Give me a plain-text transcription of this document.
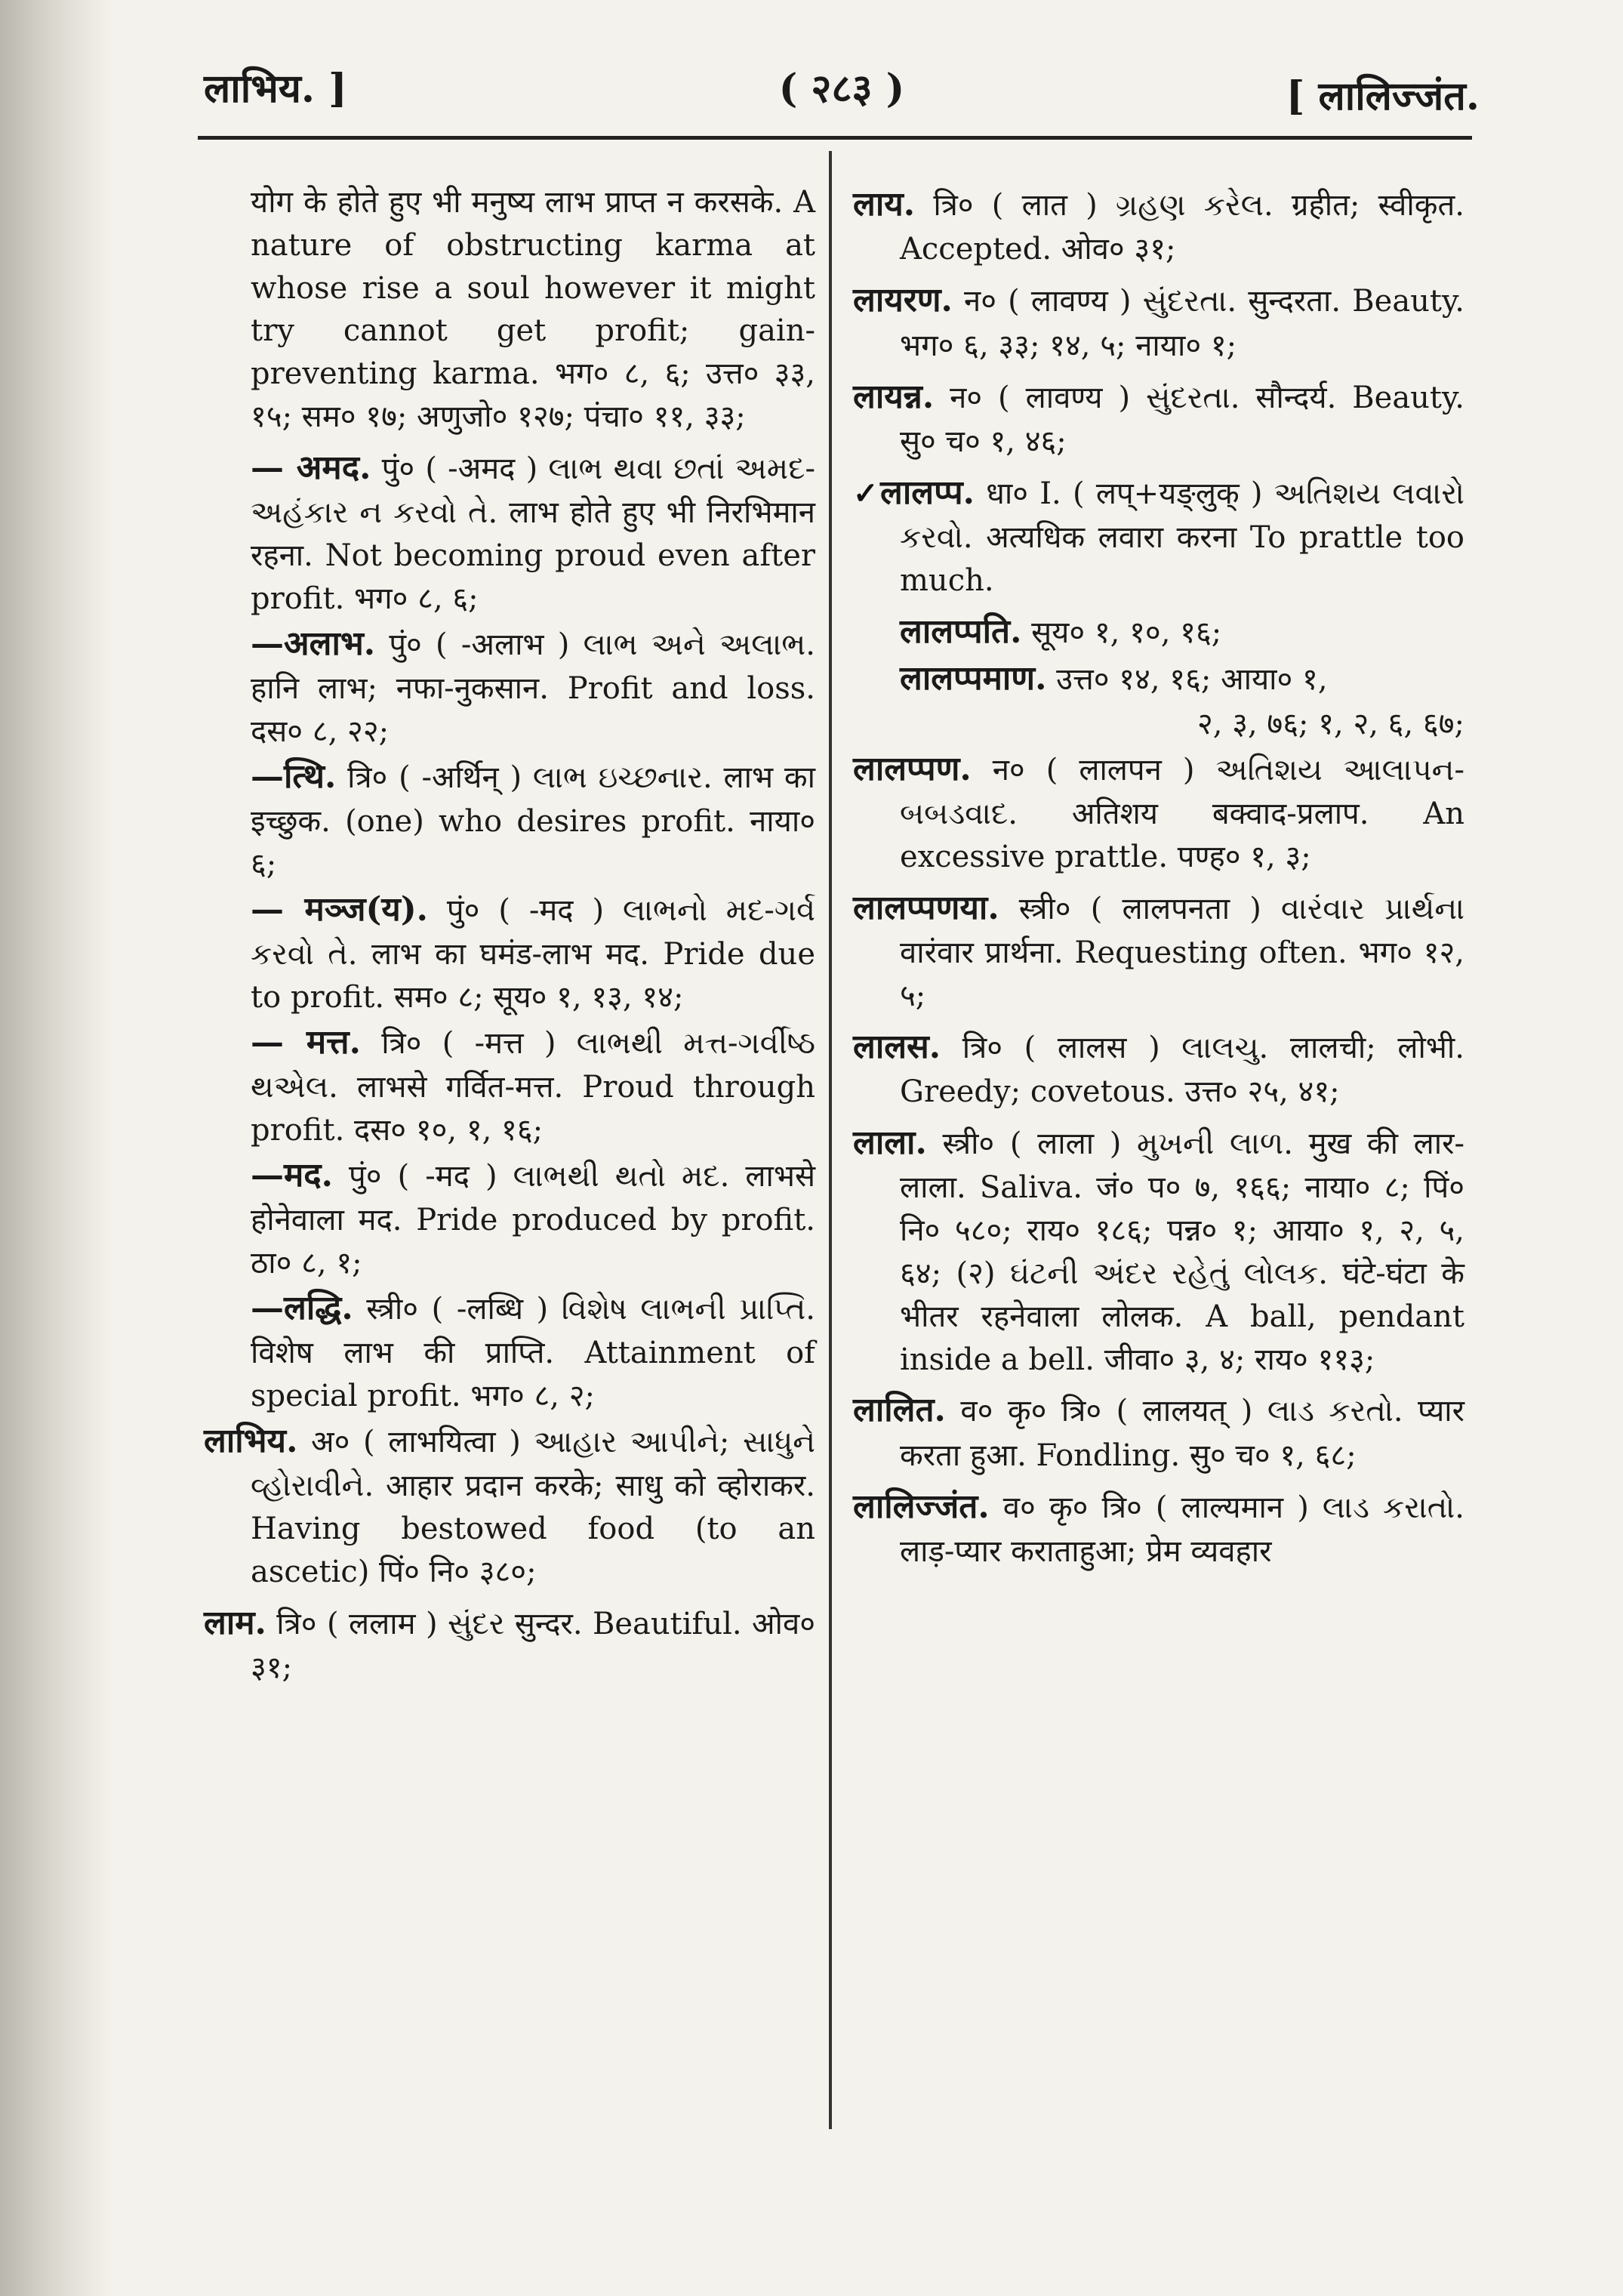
लाभिय. ]	( २८३ )	[ लालिज्जंत.
योग के होते हुए भी मनुष्य लाभ प्राप्त न करसके. A nature of obstructing karma at whose rise a soul however it might try cannot get profit; gain-preventing karma. भग० ८, ६; उत्त० ३३, १५; सम० १७; अणुजो० १२७; पंचा० ११, ३३;
— अमद. पुं० ( -अमद ) લાભ થવા છતાં અમદ-અહંકાર ન કરવો તે. लाभ होते हुए भी निरभिमान रहना. Not becoming proud even after profit. भग० ८, ६;
—अलाभ. पुं० ( -अलाभ ) લાભ અને અલાભ. हानि लाभ; नफा-नुकसान. Profit and loss. दस० ८, २२;
—त्थि. त्रि० ( -अर्थिन् ) લાભ ઇચ્છનાર. लाभ का इच्छुक. (one) who desires profit. नाया० ६;
— मञ्ज(य). पुं० ( -मद ) લાભનો મદ-ગર્વ કરવો તે. लाभ का घमंड-लाभ मद. Pride due to profit. सम० ८; सूय० १, १३, १४;
— मत्त. त्रि० ( -मत्त ) લાભથી મત્ત-ગર્વીષ્ઠ થએલ. लाभसे गर्वित-मत्त. Proud through profit. दस० १०, १, १६;
—मद. पुं० ( -मद ) લાભથી થતો મદ. लाभसे होनेवाला मद. Pride produced by profit. ठा० ८, १;
—लद्धि. स्त्री० ( -लब्धि ) વિશેષ લાભની પ્રાપ્તિ. विशेष लाभ की प्राप्ति. Attainment of special profit. भग० ८, २;
लाभिय. अ० ( लाभयित्वा ) આહાર આપીને; સાધુને વ્હોરાવીને. आहार प्रदान करके; साधु को व्होराकर. Having bestowed food (to an ascetic) पिं० नि० ३८०;
लाम. त्रि० ( ललाम ) સુંદર सुन्दर. Beautiful. ओव० ३१;
लाय. त्रि० ( लात ) ગ્રહણ કરેલ. ग्रहीत; स्वीकृत. Accepted. ओव० ३१;
लायरण. न० ( लावण्य ) સુંદરતા. सुन्दरता. Beauty. भग० ६, ३३; १४, ५; नाया० १;
लायन्न. न० ( लावण्य ) સુંદરતા. सौन्दर्य. Beauty. सु० च० १, ४६;
✓लालप्प. धा० I. ( लप्+यङ्लुक् ) અતિશય લવારો કરવો. अत्यधिक लवारा करना To prattle too much.
लालप्पति. सूय० १, १०, १६;
लालप्पमाण. उत्त० १४, १६; आया० १,
२, ३, ७६; १, २, ६, ६७;
लालप्पण. न० ( लालपन ) અતિશય આલાપન-બબડવાદ. अतिशय बक्वाद-प्रलाप. An excessive prattle. पण्ह० १, ३;
लालप्पणया. स्त्री० ( लालपनता ) વારંવાર પ્રાર્થના वारंवार प्रार्थना. Requesting often. भग० १२, ५;
लालस. त्रि० ( लालस ) લાલચુ. लालची; लोभी. Greedy; covetous. उत्त० २५, ४१;
लाला. स्त्री० ( लाला ) મુખની લાળ. मुख की लार-लाला. Saliva. जं० प० ७, १६६; नाया० ८; पिं० नि० ५८०; राय० १८६; पन्न० १; आया० १, २, ५, ६४; (२) ઘંટની અંદર રહેતું લોલક. घंटे-घंटा के भीतर रहनेवाला लोलक. A ball, pendant inside a bell. जीवा० ३, ४; राय० ११३;
लालित. व० कृ० त्रि० ( लालयत् ) લાડ કરતો. प्यार करता हुआ. Fondling. सु० च० १, ६८;
लालिज्जंत. व० कृ० त्रि० ( लाल्यमान ) લાડ કરાતો. लाड़-प्यार कराताहुआ; प्रेम व्यवहार
